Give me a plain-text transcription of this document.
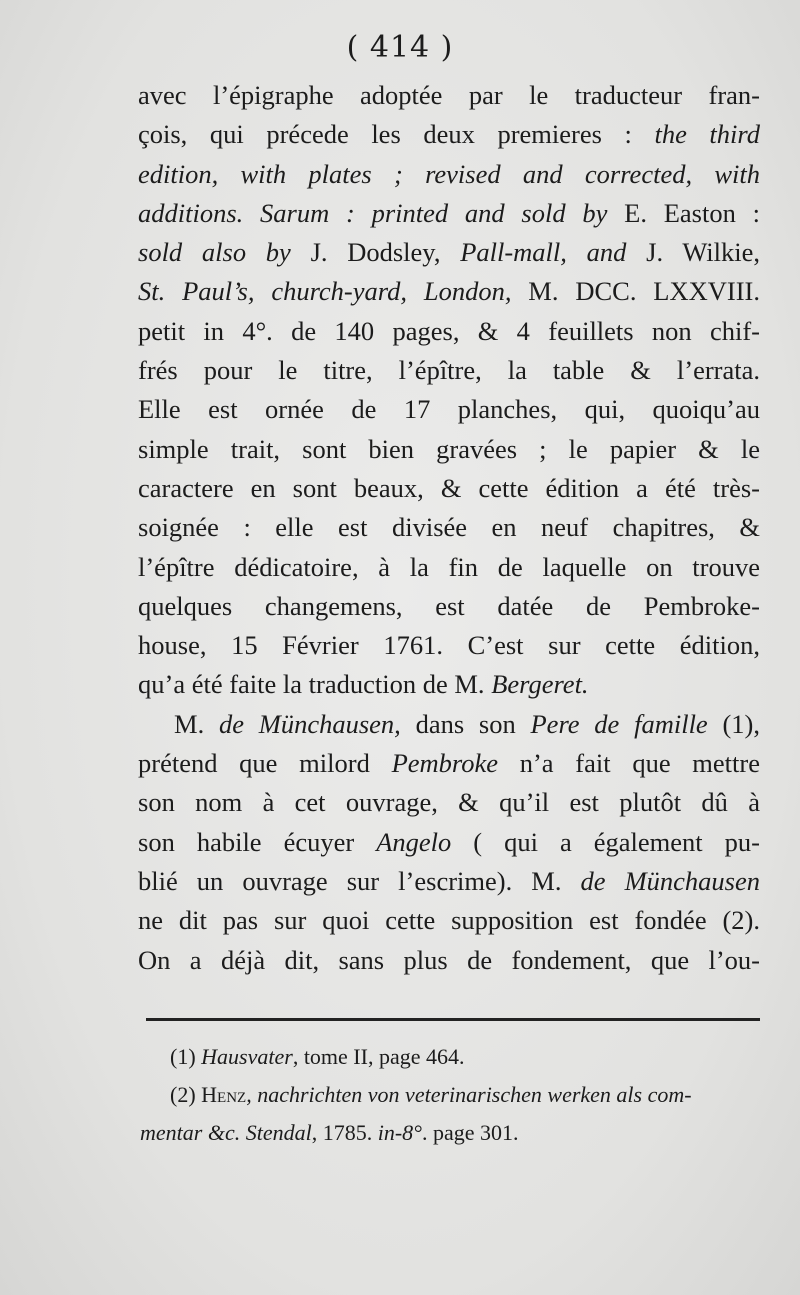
( 414 )
avec l’épigraphe adoptée par le traducteur fran-
çois, qui précede les deux premieres : the third
edition, with plates ; revised and corrected, with
additions. Sarum : printed and sold by E. Easton :
sold also by J. Dodsley, Pall-mall, and J. Wilkie,
St. Paul’s, church-yard, London, M. DCC. LXXVIII.
petit in 4°. de 140 pages, & 4 feuillets non chif-
frés pour le titre, l’épître, la table & l’errata.
Elle est ornée de 17 planches, qui, quoiqu’au
simple trait, sont bien gravées ; le papier & le
caractere en sont beaux, & cette édition a été très-
soignée : elle est divisée en neuf chapitres, &
l’épître dédicatoire, à la fin de laquelle on trouve
quelques changemens, est datée de Pembroke-
house, 15 Février 1761. C’est sur cette édition,
qu’a été faite la traduction de M. Bergeret.
M. de Münchausen, dans son Pere de famille (1),
prétend que milord Pembroke n’a fait que mettre
son nom à cet ouvrage, & qu’il est plutôt dû à
son habile écuyer Angelo ( qui a également pu-
blié un ouvrage sur l’escrime). M. de Münchausen
ne dit pas sur quoi cette supposition est fondée (2).
On a déjà dit, sans plus de fondement, que l’ou-
(1) Hausvater, tome II, page 464.
(2) Henz, nachrichten von veterinarischen werken als com-
mentar &c. Stendal, 1785. in-8°. page 301.
